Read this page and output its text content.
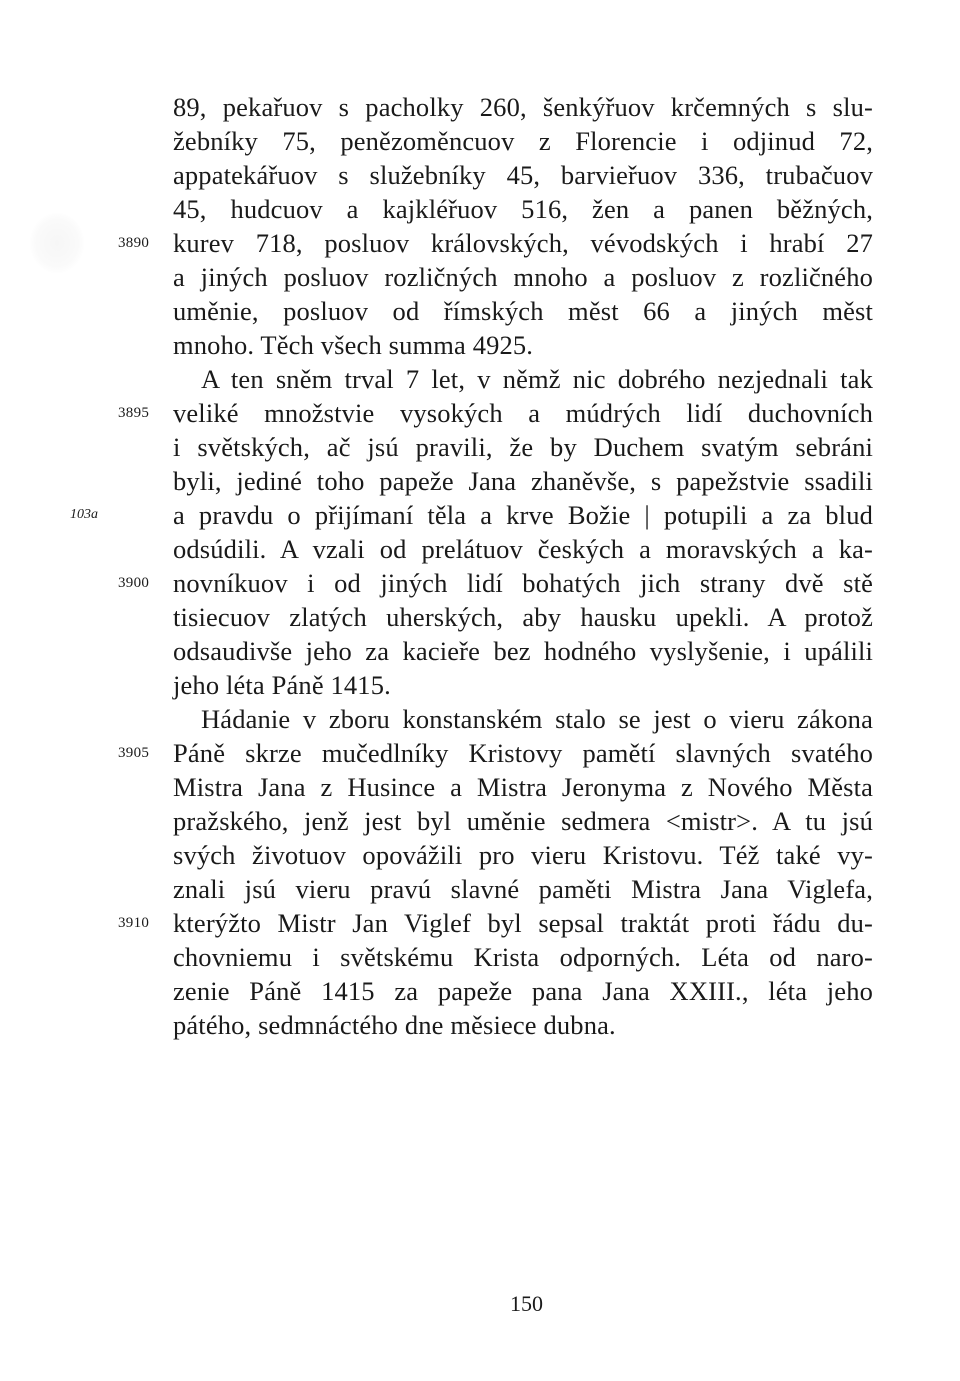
89, pekařuov s pacholky 260, šenkýřuov krčemných s slu-
žebníky 75, penězoměncuov z Florencie i odjinud 72,
appatekářuov s služebníky 45, barvieřuov 336, trubačuov
45, hudcuov a kajkléřuov 516, žen a panen běžných,
kurev 718, posluov královských, vévodských i hrabí 27
a jiných posluov rozličných mnoho a posluov z rozličného
uměnie, posluov od římských měst 66 a jiných měst
mnoho. Těch všech summa 4925.
A ten sněm trval 7 let, v němž nic dobrého nezjednali tak
veliké množstvie vysokých a múdrých lidí duchovních
i světských, ač jsú pravili, že by Duchem svatým sebráni
byli, jediné toho papeže Jana zhaněvše, s papežstvie ssadili
a pravdu o přijímaní těla a krve Božie | potupili a za blud
odsúdili. A vzali od prelátuov českých a moravských a ka-
novníkuov i od jiných lidí bohatých jich strany dvě stě
tisiecuov zlatých uherských, aby hausku upekli. A protož
odsaudivše jeho za kacieře bez hodného vyslyšenie, i upálili
jeho léta Páně 1415.
Hádanie v zboru konstanském stalo se jest o vieru zákona
Páně skrze mučedlníky Kristovy pamětí slavných svatého
Mistra Jana z Husince a Mistra Jeronyma z Nového Města
pražského, jenž jest byl uměnie sedmera <mistr>. A tu jsú
svých životuov opovážili pro vieru Kristovu. Též také vy-
znali jsú vieru pravú slavné paměti Mistra Jana Viglefa,
kterýžto Mistr Jan Viglef byl sepsal traktát proti řádu du-
chovniemu i světskému Krista odporných. Léta od naro-
zenie Páně 1415 za papeže pana Jana XXIII., léta jeho
pátého, sedmnáctého dne měsiece dubna.
3890
3895
3900
3905
3910
103a
150
